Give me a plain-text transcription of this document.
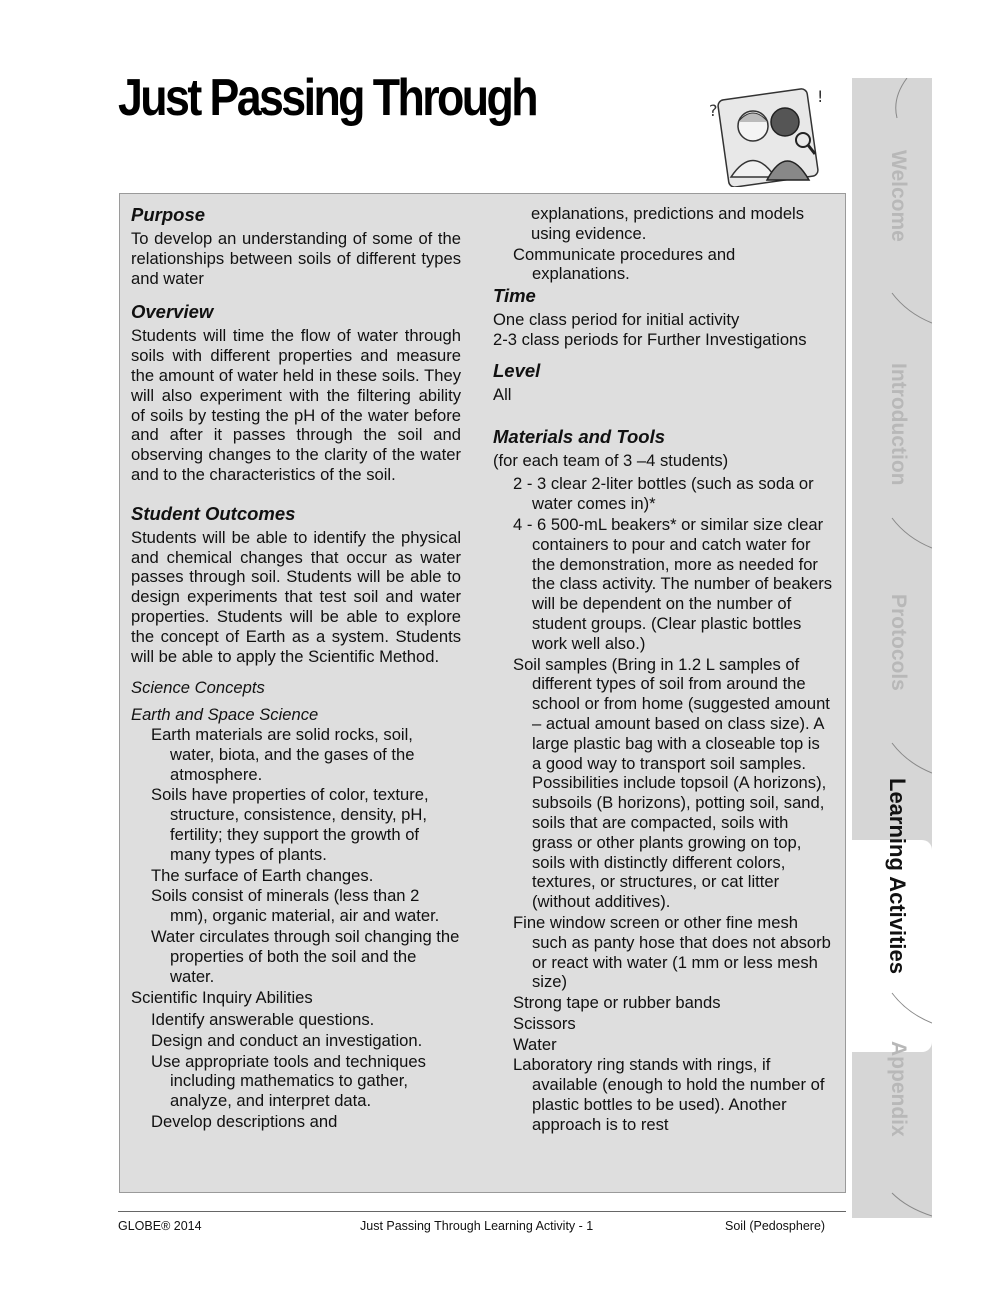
Just Passing Through	?
!
Purpose

To develop an understanding of some of the relationships between soils of different types and water

Overview

Students will time the flow of water through soils with different properties and measure the amount of water held in these soils. They will also experiment with the filtering ability of soils by testing the pH of the water before and after it passes through the soil and observing changes to the clarity of the water and to the characteristics of the soil.

Student Outcomes

Students will be able to identify the physical and chemical changes that occur as water passes through soil. Students will be able to design experiments that test soil and water properties. Students will be able to explore the concept of Earth as a system. Students will be able to apply the Scientific Method.

Science Concepts

Earth and Space Science

Earth materials are solid rocks, soil, water, biota, and the gases of the atmosphere.

Soils have properties of color, texture, structure, consistence, density, pH, fertility; they support the growth of many types of plants.

The surface of Earth changes.

Soils consist of minerals (less than 2 mm), organic material, air and water.

Water circulates through soil changing the properties of both the soil and the water.

Scientific Inquiry Abilities

Identify answerable questions.

Design and conduct an investigation.

Use appropriate tools and techniques including mathematics to gather, analyze, and interpret data.

Develop descriptions and

explanations, predictions and models using evidence.

Communicate procedures and explanations.

Time

One class period for initial activity

2-3 class periods for Further Investigations

Level

All

Materials and Tools

(for each team of 3 –4 students)

2 - 3 clear 2-liter bottles (such as soda or water comes in)*

4 - 6 500-mL beakers* or similar size clear containers to pour and catch water for the demonstration, more as needed for the class activity. The number of beakers will be dependent on the number of student groups. (Clear plastic bottles work well also.)

Soil samples (Bring in 1.2 L samples of different types of soil from around the school or from home (suggested amount – actual amount based on class size). A large plastic bag with a closeable top is a good way to transport soil samples. Possibilities include topsoil (A horizons), subsoils (B horizons), potting soil, sand, soils that are compacted, soils with grass or other plants growing on top, soils with distinctly different colors, textures, or structures, or cat litter (without additives).

Fine window screen or other fine mesh such as panty hose that does not absorb or react with water (1 mm or less mesh size)

Strong tape or rubber bands

Scissors

Water

Laboratory ring stands with rings, if available (enough to hold the number of plastic bottles to be used). Another approach is to rest

Welcome
Introduction
Protocols
Learning Activities
Appendix
GLOBE® 2014	Just Passing Through Learning Activity - 1	Soil (Pedosphere)
